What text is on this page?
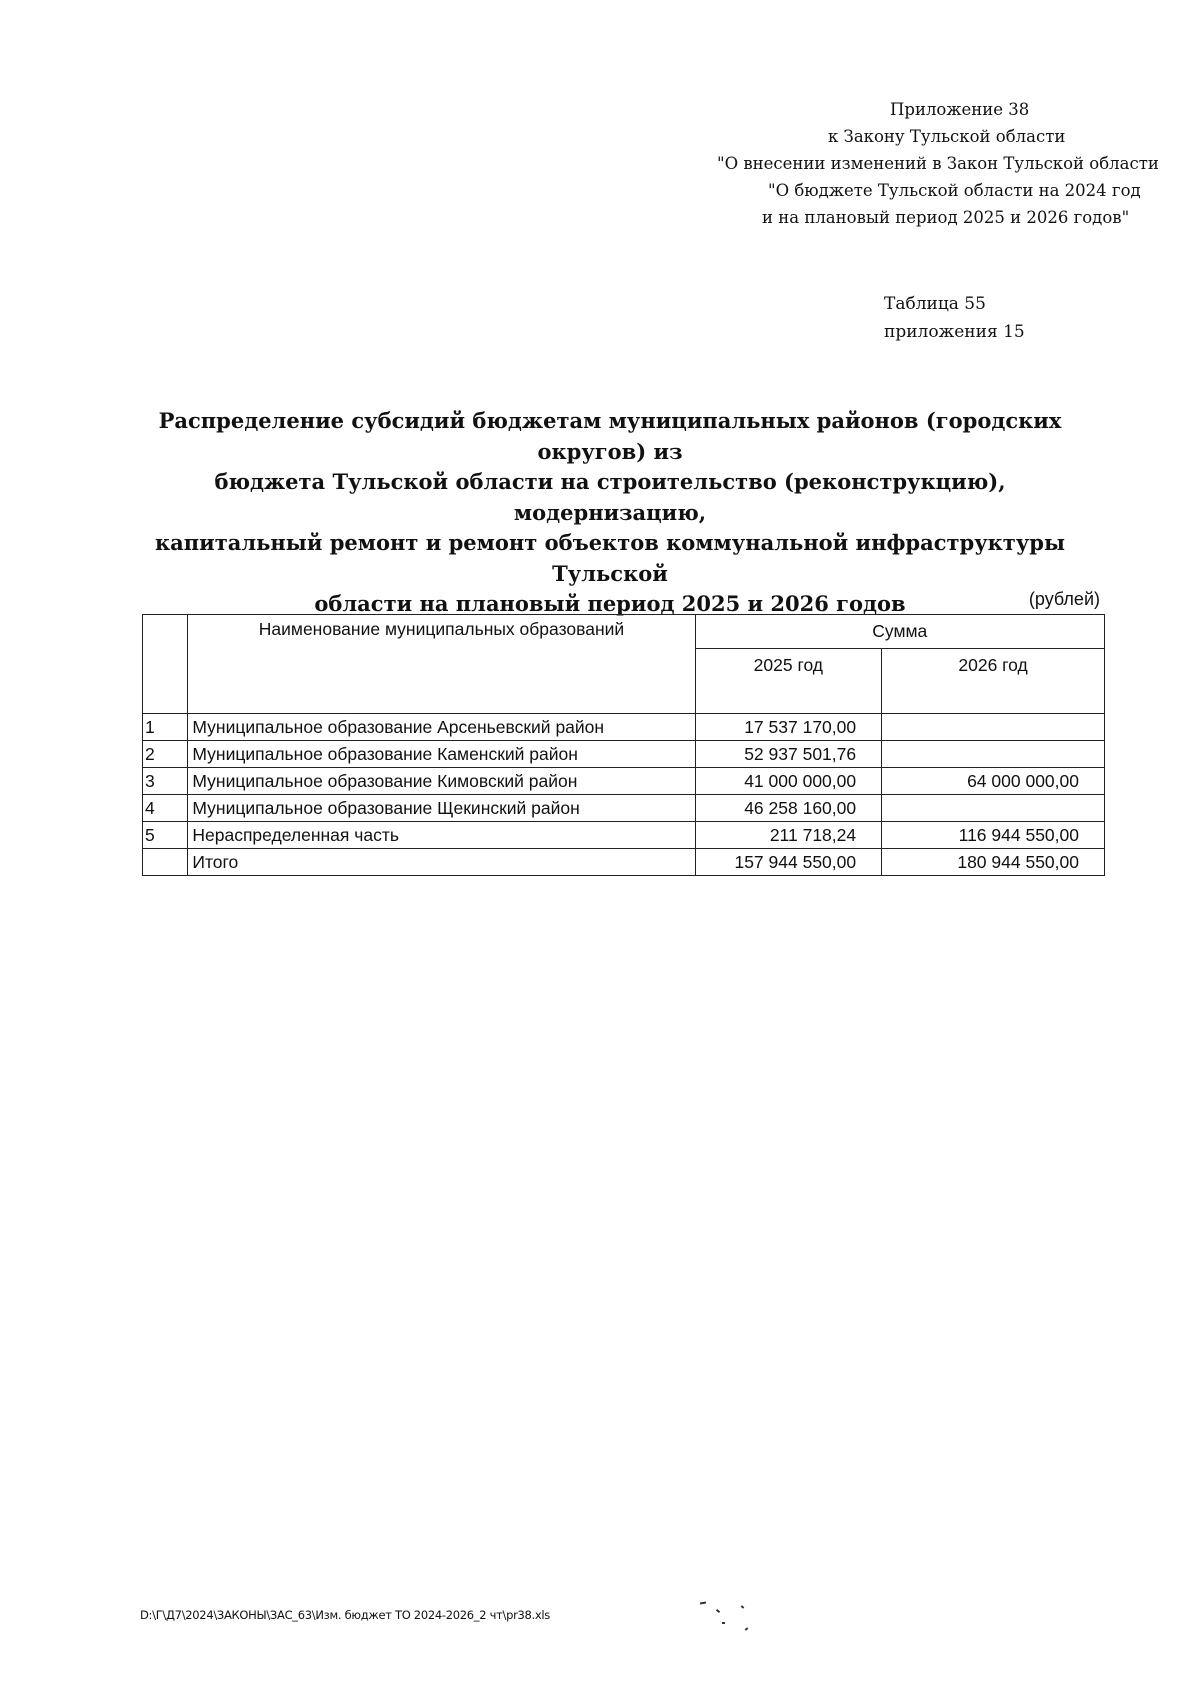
Приложение 38
к Закону Тульской области
"О внесении изменений в Закон Тульской области
"О бюджете Тульской области на 2024 год
и на плановый период 2025 и 2026 годов"
Таблица 55
приложения 15
Распределение субсидий бюджетам муниципальных районов (городских округов) из
бюджета Тульской области на строительство (реконструкцию), модернизацию,
капитальный ремонт и ремонт объектов коммунальной инфраструктуры Тульской
области на плановый период 2025 и 2026 годов	(рублей)
	Наименование муниципальных образований	Сумма	
		2025 год	2026 год
1	Муниципальное образование Арсеньевский район	17 537 170,00	
2	Муниципальное образование Каменский район	52 937 501,76	
3	Муниципальное образование Кимовский район	41 000 000,00	64 000 000,00
4	Муниципальное образование Щекинский район	46 258 160,00	
5	Нераспределенная часть	211 718,24	116 944 550,00
	Итого	157 944 550,00	180 944 550,00
D:\Г\Д7\2024\ЗАКОНЫ\ЗАС_63\Изм. бюджет ТО 2024-2026_2 чт\pr38.xls
